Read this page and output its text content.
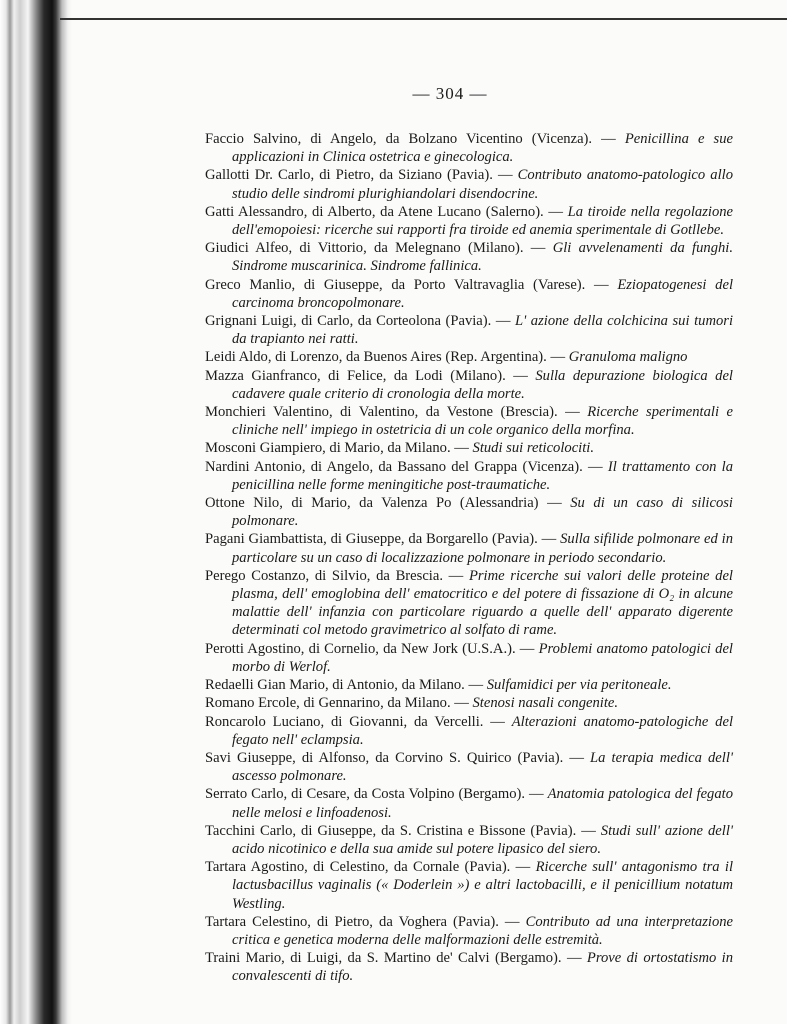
— 304 —

Faccio Salvino, di Angelo, da Bolzano Vicentino (Vicenza). — Penicillina e sue applicazioni in Clinica ostetrica e ginecologica.

Gallotti Dr. Carlo, di Pietro, da Siziano (Pavia). — Contributo anatomo-patologico allo studio delle sindromi plurighiandolari disendocrine.

Gatti Alessandro, di Alberto, da Atene Lucano (Salerno). — La tiroide nella regolazione dell'emopoiesi: ricerche sui rapporti fra tiroide ed anemia sperimentale di Gotllebe.

Giudici Alfeo, di Vittorio, da Melegnano (Milano). — Gli avvelenamenti da funghi. Sindrome muscarinica. Sindrome fallinica.

Greco Manlio, di Giuseppe, da Porto Valtravaglia (Varese). — Eziopatogenesi del carcinoma broncopolmonare.

Grignani Luigi, di Carlo, da Corteolona (Pavia). — L' azione della colchicina sui tumori da trapianto nei ratti.

Leidi Aldo, di Lorenzo, da Buenos Aires (Rep. Argentina). — Granuloma maligno

Mazza Gianfranco, di Felice, da Lodi (Milano). — Sulla depurazione biologica del cadavere quale criterio di cronologia della morte.

Monchieri Valentino, di Valentino, da Vestone (Brescia). — Ricerche sperimentali e cliniche nell' impiego in ostetricia di un cole organico della morfina.

Mosconi Giampiero, di Mario, da Milano. — Studi sui reticolociti.

Nardini Antonio, di Angelo, da Bassano del Grappa (Vicenza). — Il trattamento con la penicillina nelle forme meningitiche post-traumatiche.

Ottone Nilo, di Mario, da Valenza Po (Alessandria) — Su di un caso di silicosi polmonare.

Pagani Giambattista, di Giuseppe, da Borgarello (Pavia). — Sulla sifilide polmonare ed in particolare su un caso di localizzazione polmonare in periodo secondario.

Perego Costanzo, di Silvio, da Brescia. — Prime ricerche sui valori delle proteine del plasma, dell' emoglobina dell' ematocritico e del potere di fissazione di O₂ in alcune malattie dell' infanzia con particolare riguardo a quelle dell' apparato digerente determinati col metodo gravimetrico al solfato di rame.

Perotti Agostino, di Cornelio, da New Jork (U.S.A.). — Problemi anatomo patologici del morbo di Werlof.

Redaelli Gian Mario, di Antonio, da Milano. — Sulfamidici per via peritoneale.

Romano Ercole, di Gennarino, da Milano. — Stenosi nasali congenite.

Roncarolo Luciano, di Giovanni, da Vercelli. — Alterazioni anatomo-patologiche del fegato nell' eclampsia.

Savi Giuseppe, di Alfonso, da Corvino S. Quirico (Pavia). — La terapia medica dell' ascesso polmonare.

Serrato Carlo, di Cesare, da Costa Volpino (Bergamo). — Anatomia patologica del fegato nelle melosi e linfoadenosi.

Tacchini Carlo, di Giuseppe, da S. Cristina e Bissone (Pavia). — Studi sull' azione dell' acido nicotinico e della sua amide sul potere lipasico del siero.

Tartara Agostino, di Celestino, da Cornale (Pavia). — Ricerche sull' antagonismo tra il lactusbacillus vaginalis (« Doderlein ») e altri lactobacilli, e il penicillium notatum Westling.

Tartara Celestino, di Pietro, da Voghera (Pavia). — Contributo ad una interpretazione critica e genetica moderna delle malformazioni delle estremità.

Traini Mario, di Luigi, da S. Martino de' Calvi (Bergamo). — Prove di ortostatismo in convalescenti di tifo.
